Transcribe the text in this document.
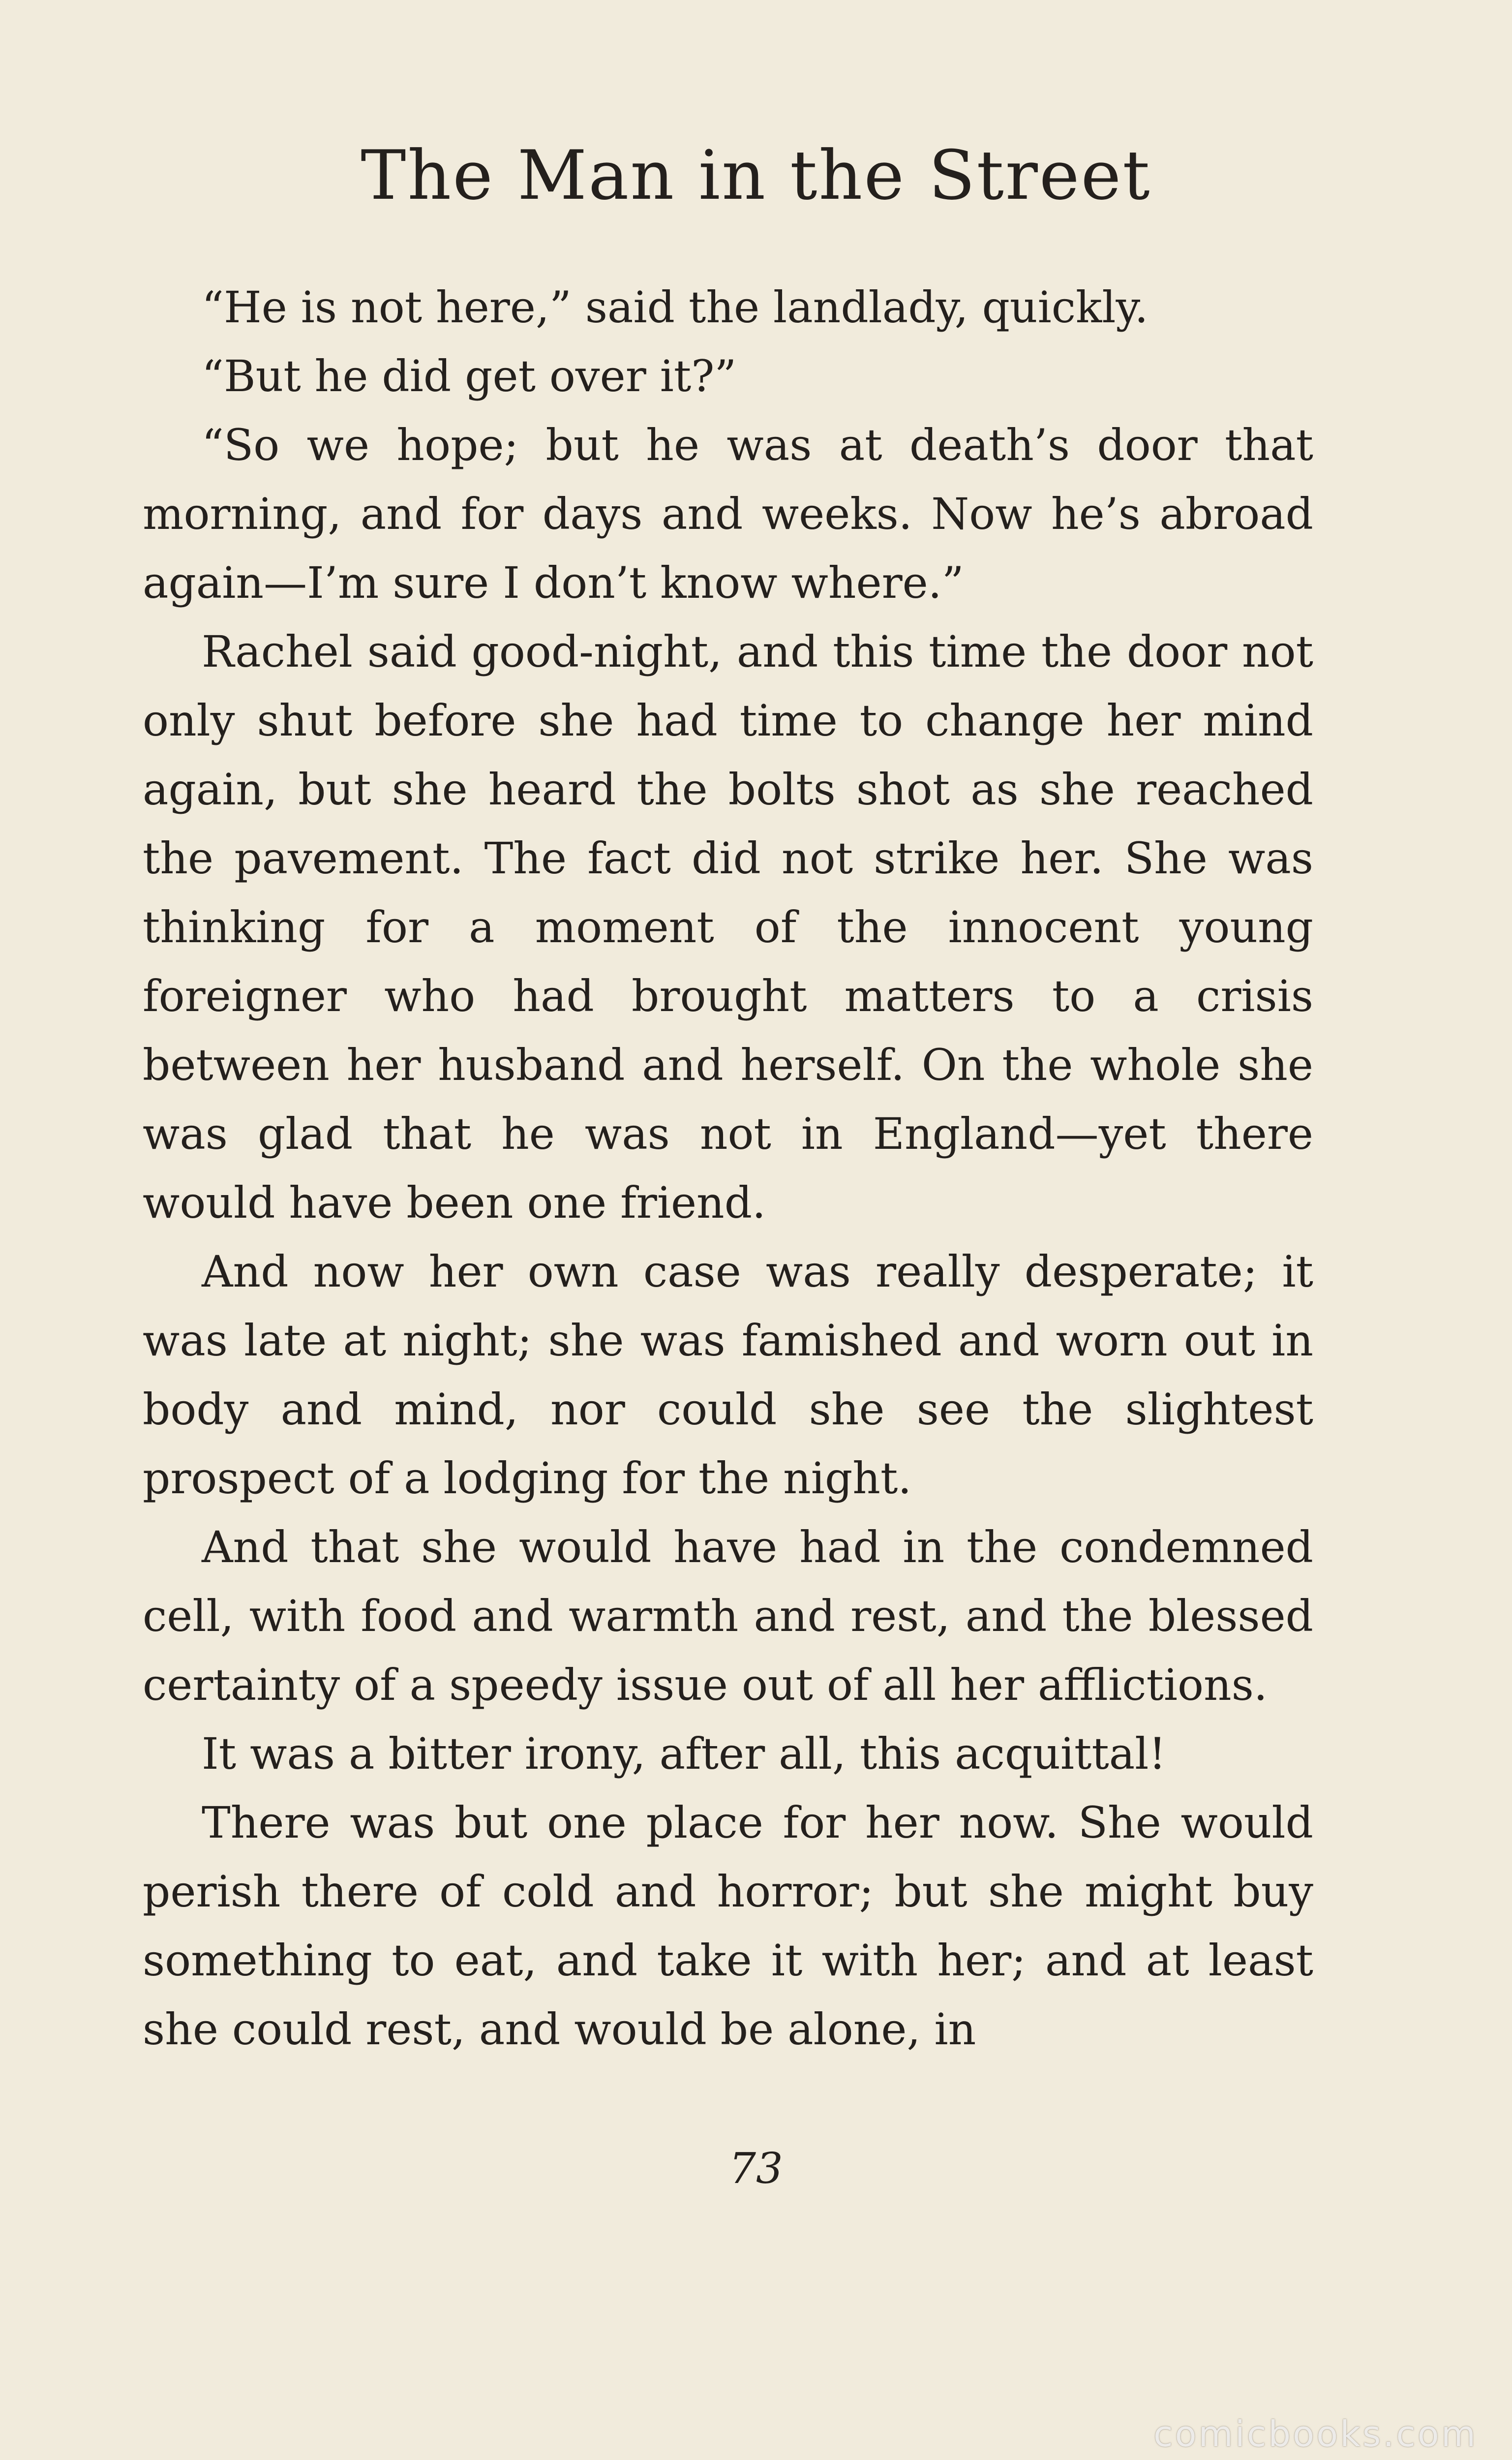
The Man in the Street

“He is not here,” said the landlady, quickly.

“But he did get over it?”

“So we hope; but he was at death’s door that morning, and for days and weeks. Now he’s abroad again—I’m sure I don’t know where.”

Rachel said good-night, and this time the door not only shut before she had time to change her mind again, but she heard the bolts shot as she reached the pavement. The fact did not strike her. She was thinking for a moment of the innocent young foreigner who had brought matters to a crisis between her husband and herself. On the whole she was glad that he was not in England—yet there would have been one friend.

And now her own case was really desperate; it was late at night; she was famished and worn out in body and mind, nor could she see the slightest prospect of a lodging for the night.

And that she would have had in the condemned cell, with food and warmth and rest, and the blessed certainty of a speedy issue out of all her afflictions.

It was a bitter irony, after all, this acquittal!

There was but one place for her now. She would perish there of cold and horror; but she might buy something to eat, and take it with her; and at least she could rest, and would be alone, in

73
comicbooks.com
